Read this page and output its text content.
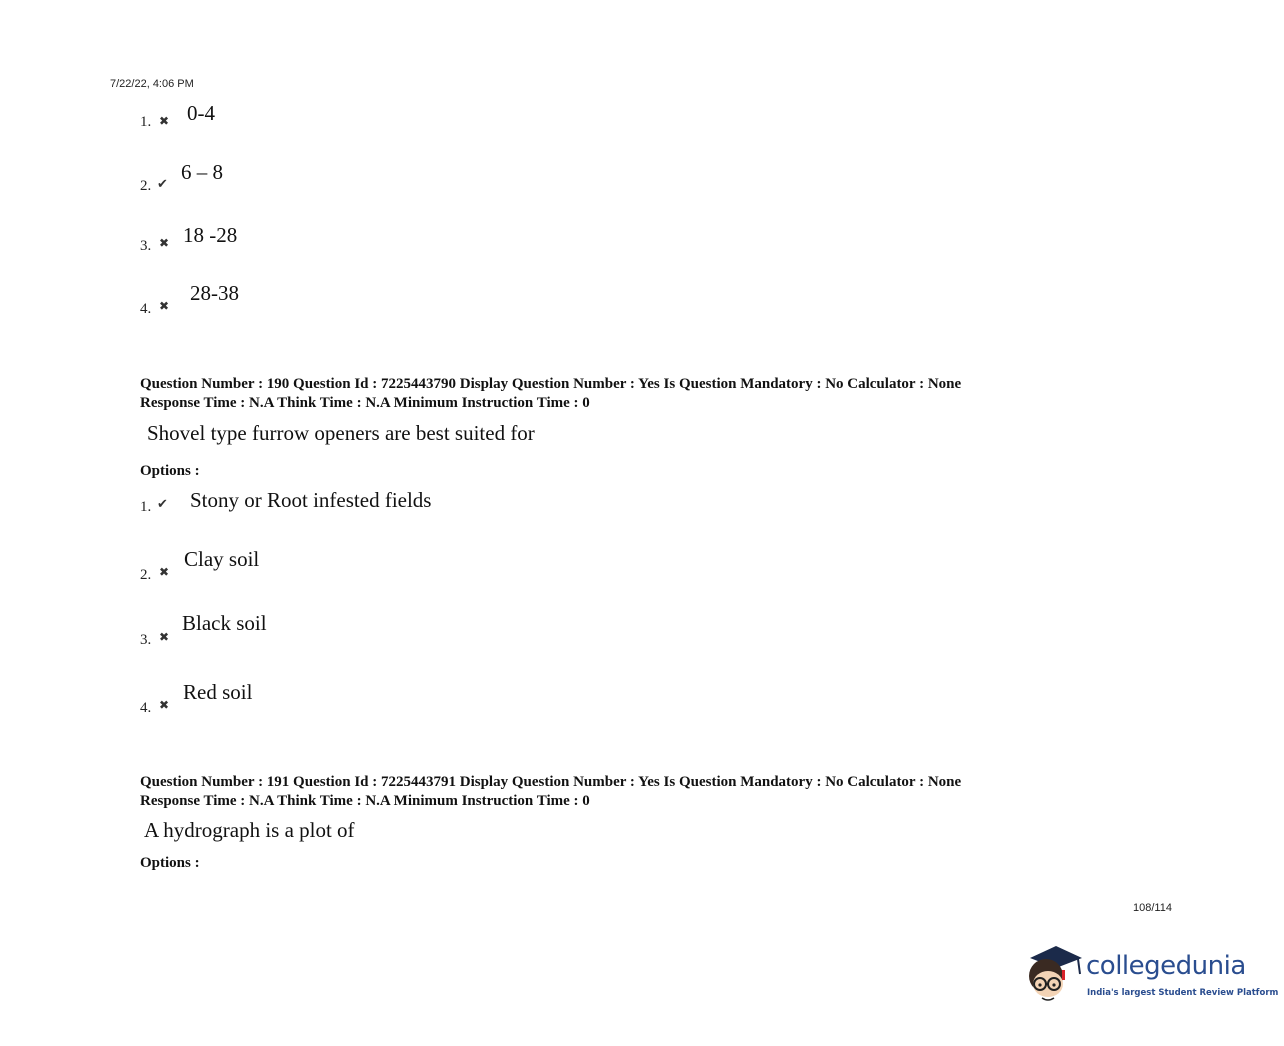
7/22/22, 4:06 PM
1. ✖ 0-4
2. ✔ 6 – 8
3. ✖ 18 -28
4. ✖
28-38
Question Number : 190 Question Id : 7225443790 Display Question Number : Yes Is Question Mandatory : No Calculator : None
Response Time : N.A Think Time : N.A Minimum Instruction Time : 0
Shovel type furrow openers are best suited for
Options :
1. ✔ Stony or Root infested fields
2. ✖
Clay soil
3. ✖
Black soil
4. ✖
Red soil
Question Number : 191 Question Id : 7225443791 Display Question Number : Yes Is Question Mandatory : No Calculator : None
Response Time : N.A Think Time : N.A Minimum Instruction Time : 0
A hydrograph is a plot of
Options :
108/114
collegedunia
India's largest Student Review Platform
